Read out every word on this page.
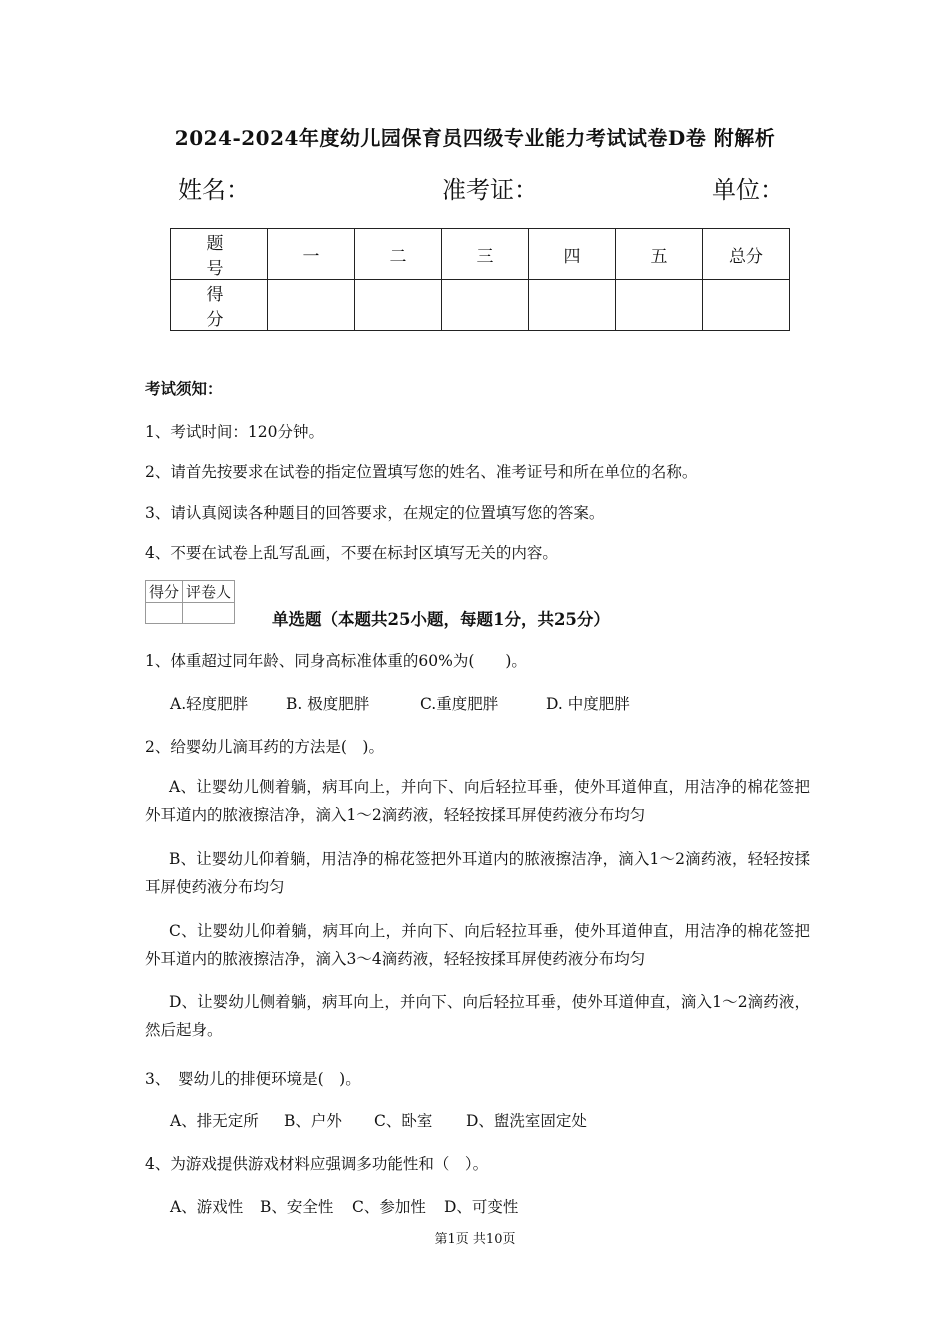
2024-2024年度幼儿园保育员四级专业能力考试试卷D卷 附解析
姓名：	准考证：	单位：
题　号	一	二	三	四	五	总分
得　分						
考试须知：
1、考试时间：120分钟。
2、请首先按要求在试卷的指定位置填写您的姓名、准考证号和所在单位的名称。
3、请认真阅读各种题目的回答要求，在规定的位置填写您的答案。
4、不要在试卷上乱写乱画，不要在标封区填写无关的内容。
得分	评卷人

单选题（本题共25小题，每题1分，共25分）
1、体重超过同年龄、同身高标准体重的60%为(　　)。
A.轻度肥胖 B. 极度肥胖	C.重度肥胖	D. 中度肥胖
2、给婴幼儿滴耳药的方法是(　)。
A、让婴幼儿侧着躺，病耳向上，并向下、向后轻拉耳垂，使外耳道伸直，用洁净的棉花签把外耳道内的脓液擦洁净，滴入1～2滴药液，轻轻按揉耳屏使药液分布均匀
B、让婴幼儿仰着躺，用洁净的棉花签把外耳道内的脓液擦洁净，滴入1～2滴药液，轻轻按揉耳屏使药液分布均匀
C、让婴幼儿仰着躺，病耳向上，并向下、向后轻拉耳垂，使外耳道伸直，用洁净的棉花签把外耳道内的脓液擦洁净，滴入3～4滴药液，轻轻按揉耳屏使药液分布均匀
D、让婴幼儿侧着躺，病耳向上，并向下、向后轻拉耳垂，使外耳道伸直，滴入1～2滴药液，然后起身。
3、　婴幼儿的排便环境是(　)。
A、排无定所 B、户外 C、卧室 D、盥洗室固定处
4、为游戏提供游戏材料应强调多功能性和（　）。
A、游戏性 B、安全性 C、参加性 D、可变性
第1页 共10页
